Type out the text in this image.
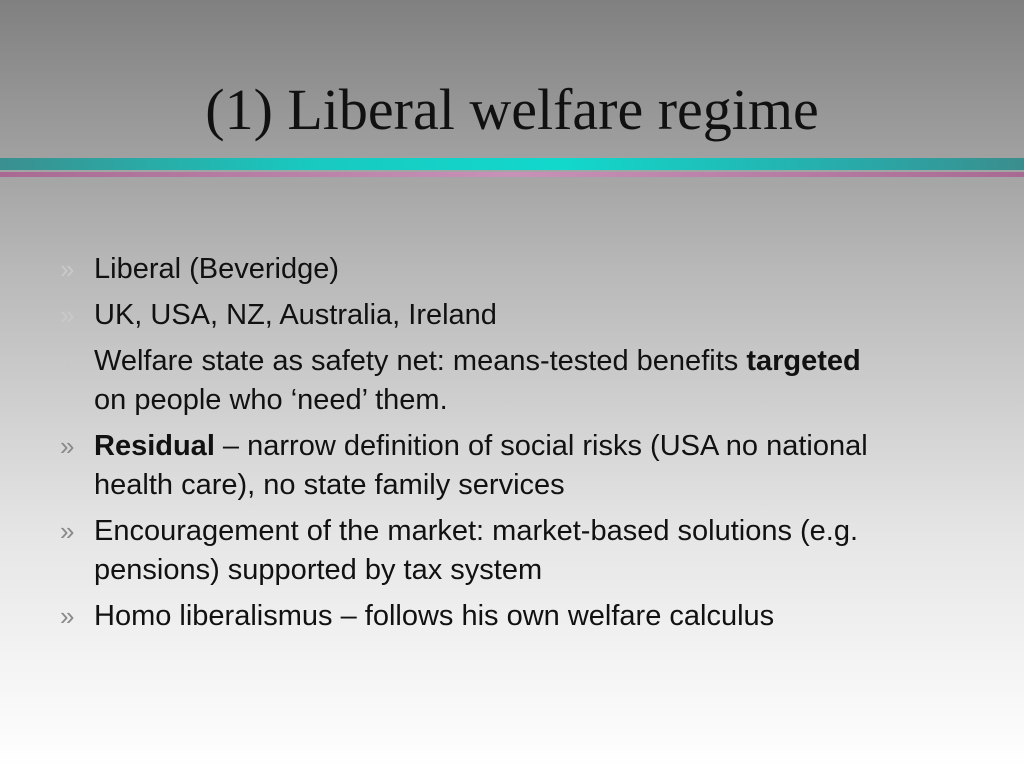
(1) Liberal welfare regime
» Liberal (Beveridge)
» UK, USA, NZ, Australia, Ireland
» Welfare state as safety net: means-tested benefits targeted on people who ‘need’ them.
» Residual – narrow definition of social risks (USA no national health care), no state family services
» Encouragement of the market: market-based solutions (e.g. pensions) supported by tax system
» Homo liberalismus – follows his own welfare calculus
